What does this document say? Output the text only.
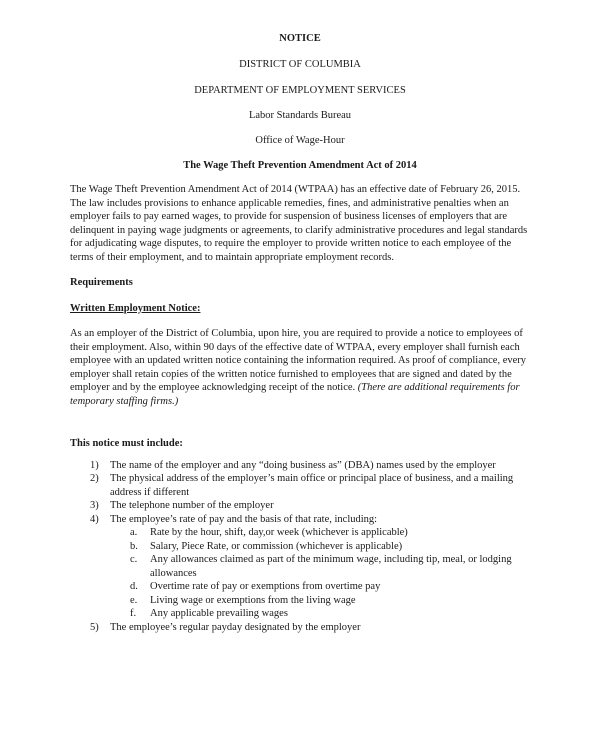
NOTICE
DISTRICT OF COLUMBIA
DEPARTMENT OF EMPLOYMENT SERVICES
Labor Standards Bureau
Office of Wage-Hour
The Wage Theft Prevention Amendment Act of 2014

The Wage Theft Prevention Amendment Act of 2014 (WTPAA) has an effective date of February 26, 2015. The law includes provisions to enhance applicable remedies, fines, and administrative penalties when an employer fails to pay earned wages, to provide for suspension of business licenses of employers that are delinquent in paying wage judgments or agreements, to clarify administrative procedures and legal standards for adjudicating wage disputes, to require the employer to provide written notice to each employee of the terms of their employment, and to maintain appropriate employment records.

Requirements
Written Employment Notice:

As an employer of the District of Columbia, upon hire, you are required to provide a notice to employees of their employment. Also, within 90 days of the effective date of WTPAA, every employer shall furnish each employee with an updated written notice containing the information required. As proof of compliance, every employer shall retain copies of the written notice furnished to employees that are signed and dated by the employer and by the employee acknowledging receipt of the notice. (There are additional requirements for temporary staffing firms.)

This notice must include:
1) The name of the employer and any “doing business as” (DBA) names used by the employer
2) The physical address of the employer’s main office or principal place of business, and a mailing address if different
3) The telephone number of the employer
4) The employee’s rate of pay and the basis of that rate, including:
a. Rate by the hour, shift, day,or week (whichever is applicable)
b. Salary, Piece Rate, or commission (whichever is applicable)
c. Any allowances claimed as part of the minimum wage, including tip, meal, or lodging allowances
d. Overtime rate of pay or exemptions from overtime pay
e. Living wage or exemptions from the living wage
f. Any applicable prevailing wages
5) The employee’s regular payday designated by the employer
